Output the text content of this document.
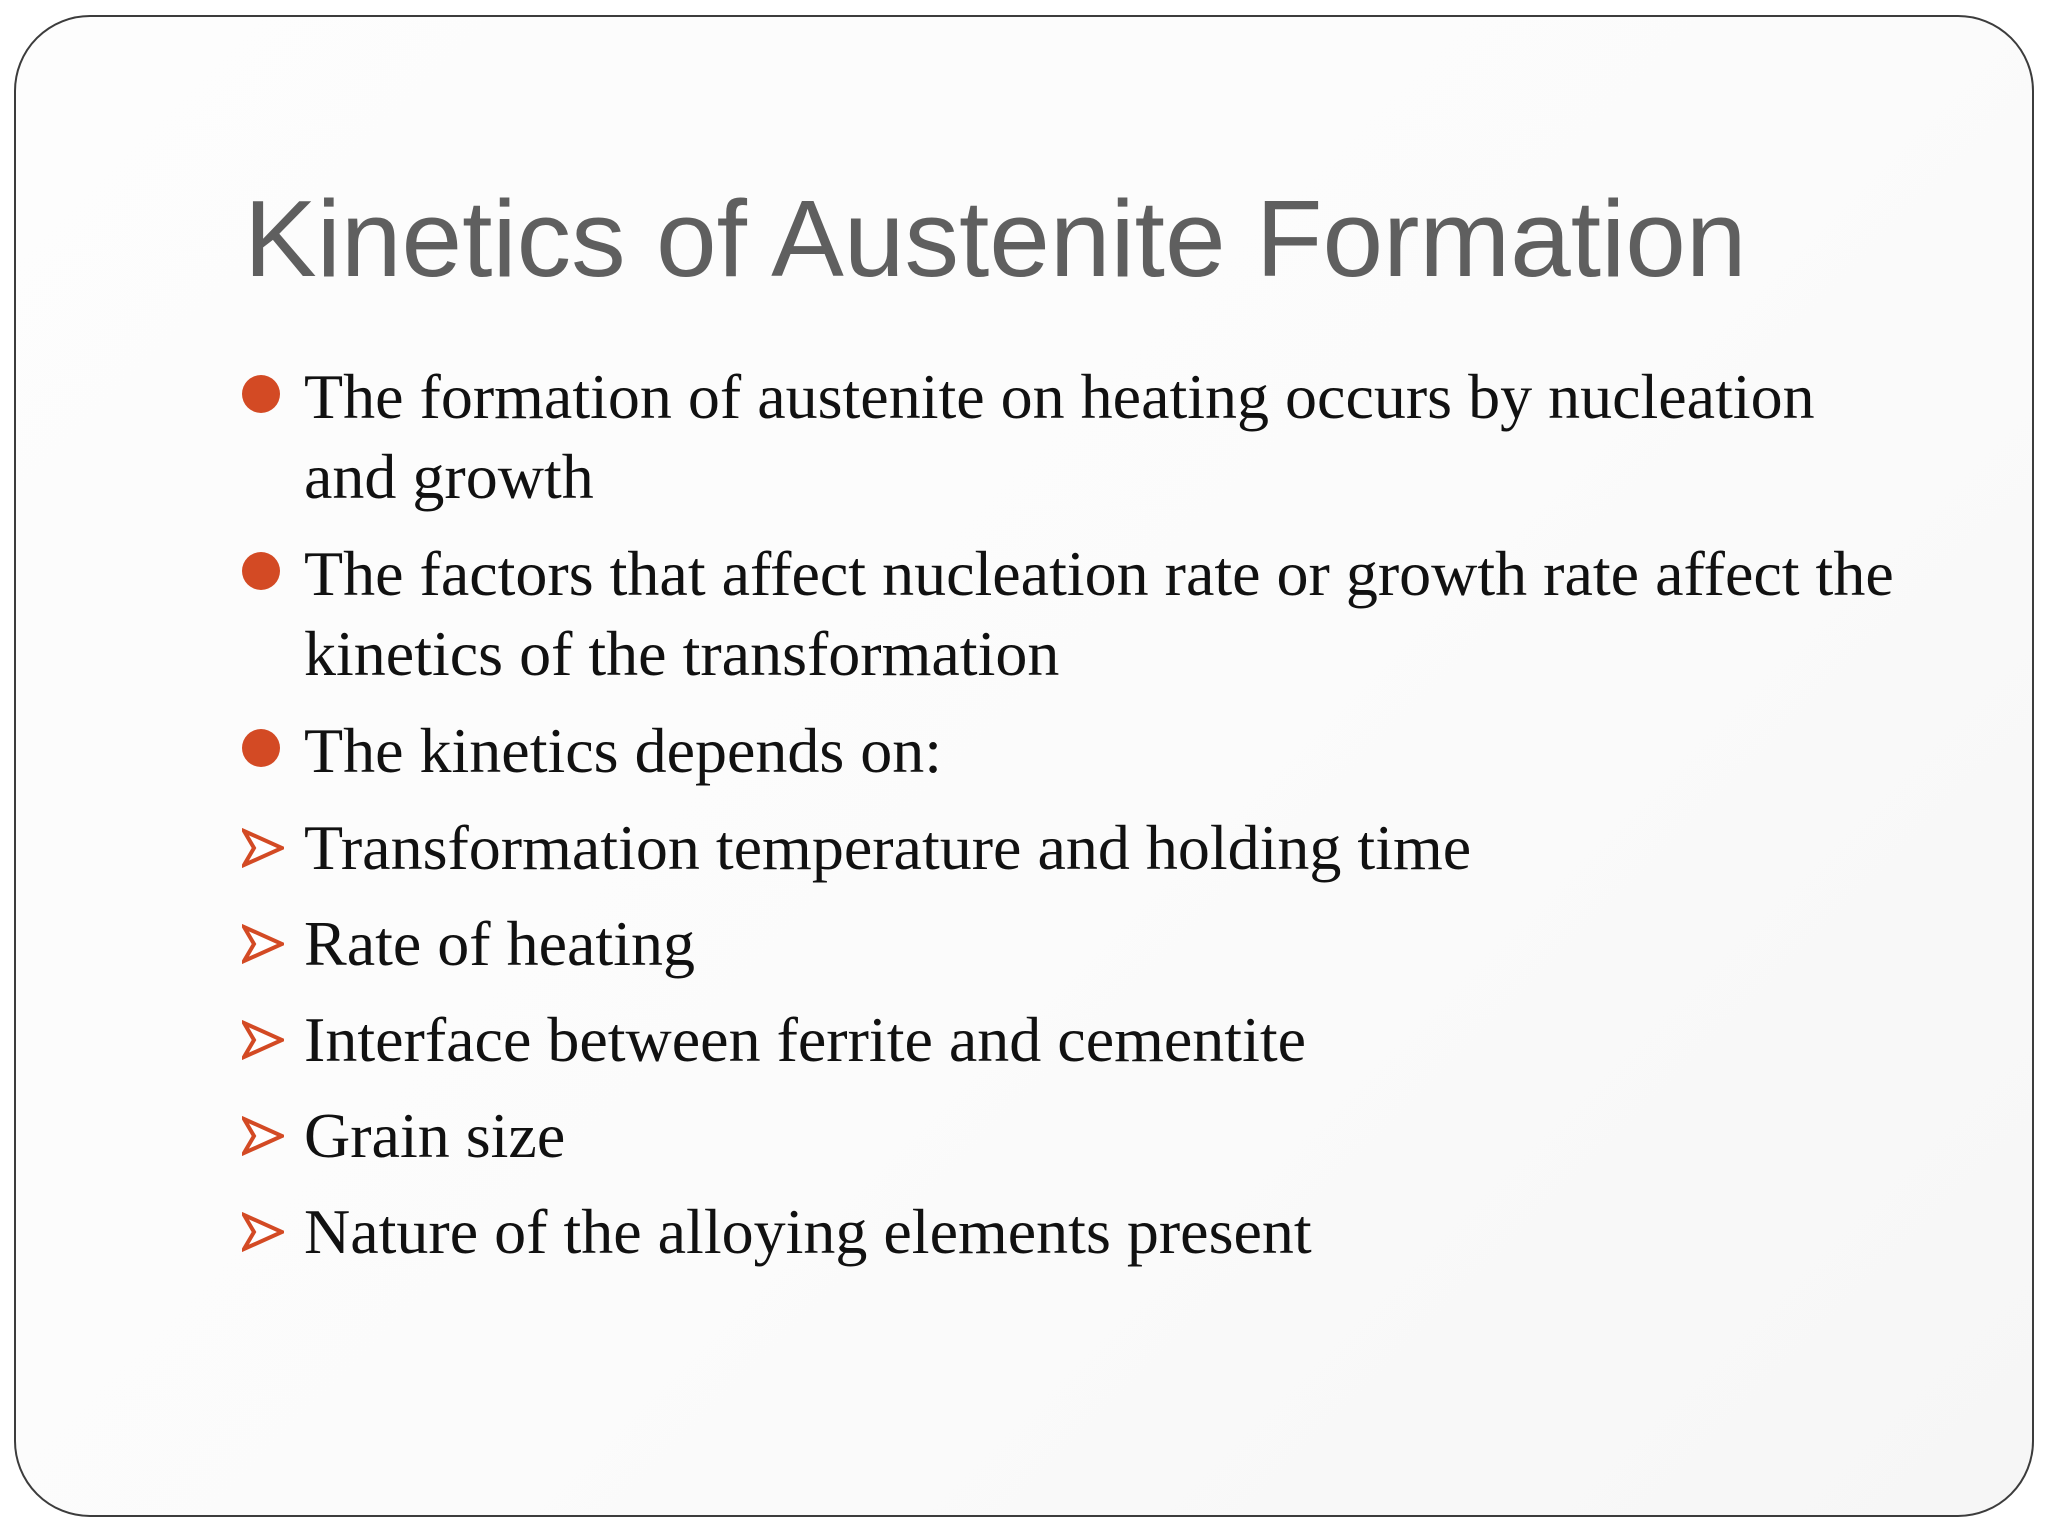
Kinetics of Austenite Formation
The formation of austenite on heating occurs by nucleation and growth
The factors that affect nucleation rate or growth rate affect the kinetics of the transformation
The kinetics depends on:
Transformation temperature and holding time
Rate of heating
Interface between ferrite and cementite
Grain size
Nature of the alloying elements present
